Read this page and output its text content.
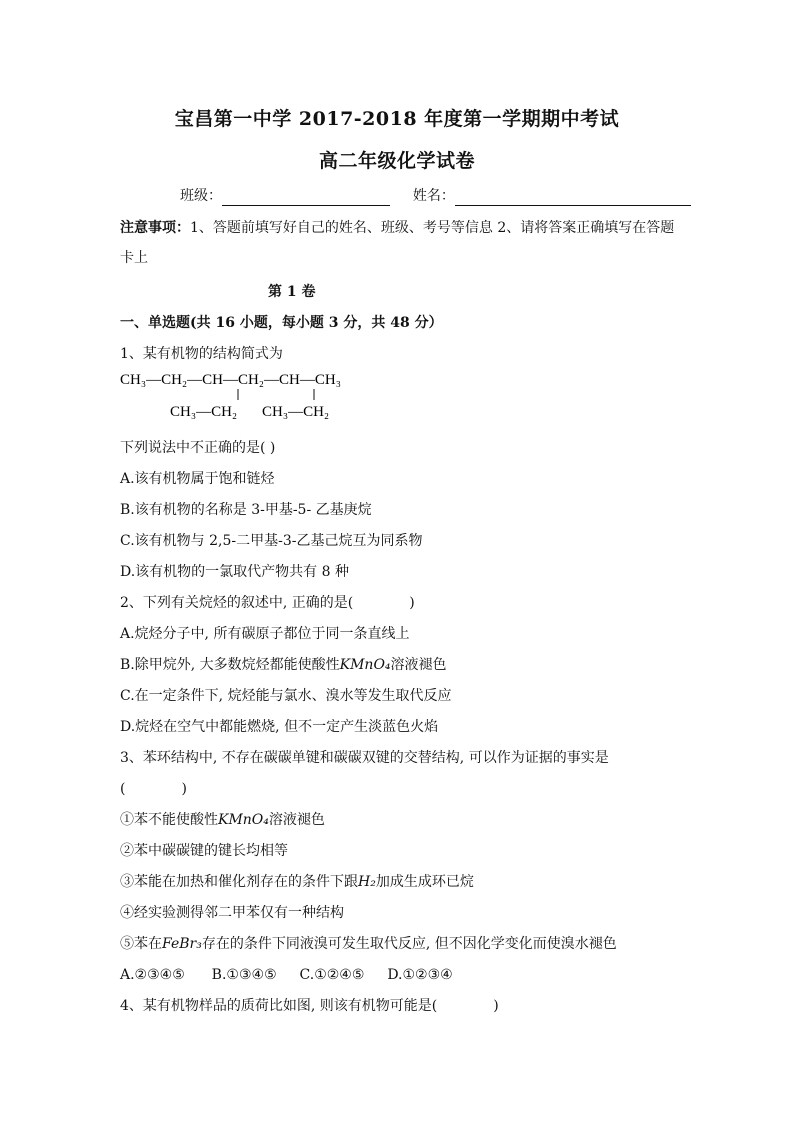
宝昌第一中学 2017-2018 年度第一学期期中考试
高二年级化学试卷
班级：	姓名：
注意事项：1、答题前填写好自己的姓名、班级、考号等信息 2、请将答案正确填写在答题
卡上
第 1 卷
一、单选题(共 16 小题，每小题 3 分，共 48 分）
1、某有机物的结构简式为
CH₃—CH₂—CH—CH₂—CH—CH₃
CH₃—CH₂ CH₃—CH₂
下列说法中不正确的是( )
A.该有机物属于饱和链烃
B.该有机物的名称是 3-甲基-5- 乙基庚烷
C.该有机物与 2,5-二甲基-3-乙基己烷互为同系物
D.该有机物的一氯取代产物共有 8 种
2、下列有关烷烃的叙述中, 正确的是(　　　　)
A.烷烃分子中, 所有碳原子都位于同一条直线上
B.除甲烷外, 大多数烷烃都能使酸性KMnO₄溶液褪色
C.在一定条件下, 烷烃能与氯水、溴水等发生取代反应
D.烷烃在空气中都能燃烧, 但不一定产生淡蓝色火焰
3、苯环结构中, 不存在碳碳单键和碳碳双键的交替结构, 可以作为证据的事实是
(　　　　)
①苯不能使酸性KMnO₄溶液褪色
②苯中碳碳键的键长均相等
③苯能在加热和催化剂存在的条件下跟H₂加成生成环已烷
④经实验测得邻二甲苯仅有一种结构
⑤苯在FeBr₃存在的条件下同液溴可发生取代反应, 但不因化学变化而使溴水褪色
A.②③④⑤ B.①③④⑤ C.①②④⑤ D.①②③④
4、某有机物样品的质荷比如图, 则该有机物可能是(　　　　)
